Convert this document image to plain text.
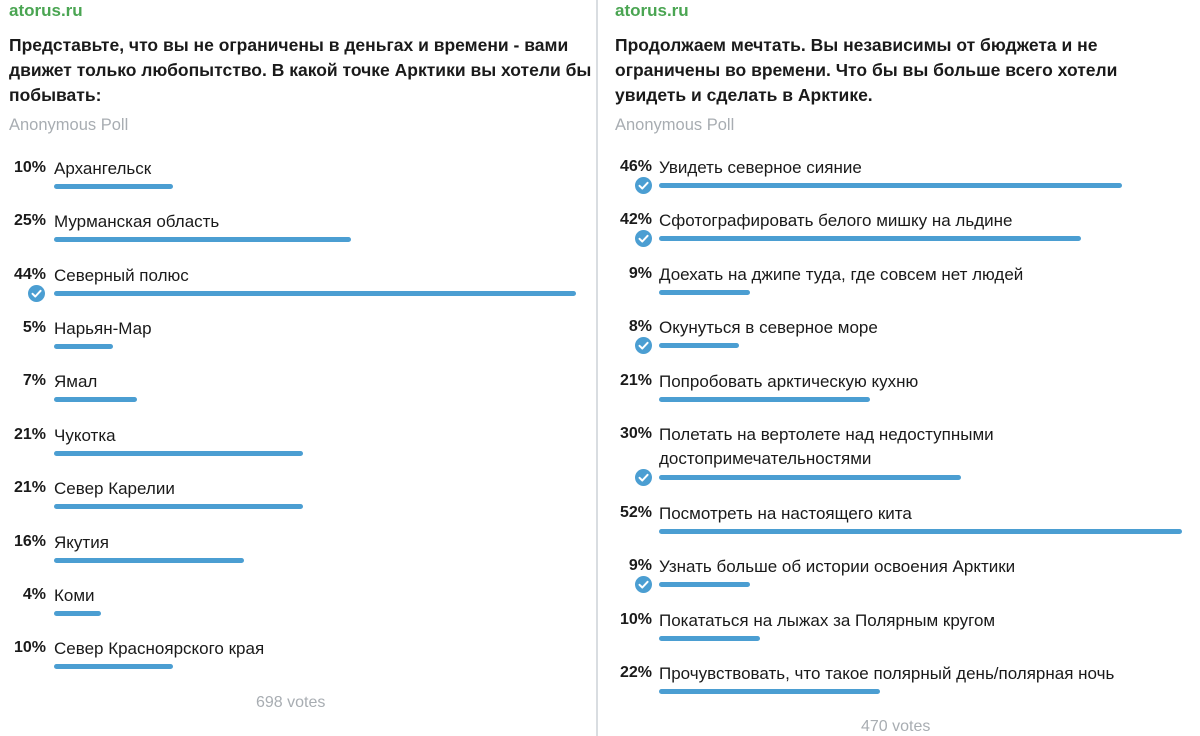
atorus.ru
Представьте, что вы не ограничены в деньгах и времени - вами движет только любопытство. В какой точке Арктики вы хотели бы побывать:
Anonymous Poll
10% Архангельск
25% Мурманская область
44% Северный полюс
5% Нарьян-Мар
7% Ямал
21% Чукотка
21% Север Карелии
16% Якутия
4% Коми
10% Север Красноярского края
698 votes
atorus.ru
Продолжаем мечтать. Вы независимы от бюджета и не ограничены во времени. Что бы вы больше всего хотели увидеть и сделать в Арктике.
Anonymous Poll
46% Увидеть северное сияние
42% Сфотографировать белого мишку на льдине
9% Доехать на джипе туда, где совсем нет людей
8% Окунуться в северное море
21% Попробовать арктическую кухню
30% Полетать на вертолете над недоступными достопримечательностями
52% Посмотреть на настоящего кита
9% Узнать больше об истории освоения Арктики
10% Покататься на лыжах за Полярным кругом
22% Прочувствовать, что такое полярный день/полярная ночь
470 votes
